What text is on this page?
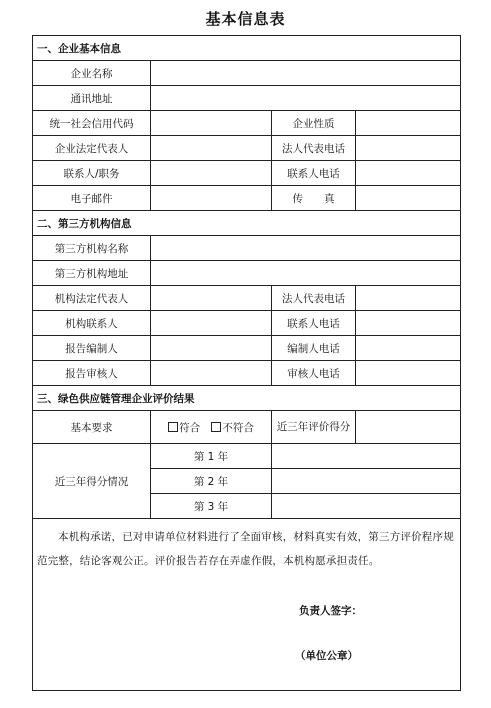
基本信息表
一、企业基本信息			
企业名称			
通讯地址			
统一社会信用代码		企业性质	
企业法定代表人		法人代表电话	
联系人/职务		联系人电话	
电子邮件		传　　真	
二、第三方机构信息			
第三方机构名称			
第三方机构地址			
机构法定代表人		法人代表电话	
机构联系人		联系人电话	
报告编制人		编制人电话	
报告审核人		审核人电话	
三、绿色供应链管理企业评价结果			
基本要求	符合 不符合	近三年评价得分	
近三年得分情况	第 1 年		
	第 2 年		
	第 3 年		

本机构承诺，已对申请单位材料进行了全面审核，材料真实有效，第三方评价程序规范完整，结论客观公正。评价报告若存在弄虚作假，本机构愿承担责任。
负责人签字：
（单位公章）			
